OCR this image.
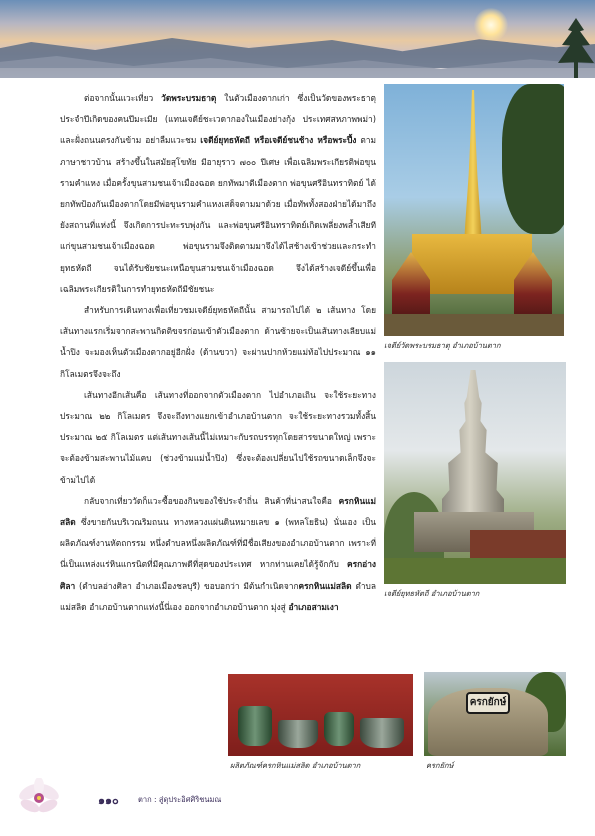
ต่อจากนั้นแวะเที่ยว วัดพระบรมธาตุ ในตัวเมืองตากเก่า ซึ่งเป็นวัดของพระธาตุประจำปีเกิดของคนปีมะเมีย (แทนเจดีย์ชะเวดากองในเมืองย่างกุ้ง ประเทศสหภาพพม่า) และฝั่งถนนตรงกันข้าม อย่าลืมแวะชม เจดีย์ยุทธหัตถี หรือเจดีย์ชนช้าง หรือพระปึ้ง ตามภาษาชาวบ้าน สร้างขึ้นในสมัยสุโขทัย มีอายุราว ๗๐๐ ปีเศษ เพื่อเฉลิมพระเกียรติพ่อขุนรามคำแหง เมื่อครั้งขุนสามชนเจ้าเมืองฉอด ยกทัพมาตีเมืองตาก พ่อขุนศรีอินทราทิตย์ ได้ยกทัพป้องกันเมืองตากโดยมีพ่อขุนรามคำแหงเสด็จตามมาด้วย เมื่อทัพทั้งสองฝ่ายได้มาถึงยังสถานที่แห่งนี้ จึงเกิดการปะทะรบพุ่งกัน และพ่อขุนศรีอินทราทิตย์เกิดเพลี่ยงพล้ำเสียทีแก่ขุนสามชนเจ้าเมืองฉอด พ่อขุนรามจึงติดตามมาจึงได้ไสช้างเข้าช่วยและกระทำยุทธหัตถี จนได้รับชัยชนะเหนือขุนสามชนเจ้าเมืองฉอด จึงได้สร้างเจดีย์ขึ้นเพื่อเฉลิมพระเกียรติในการทำยุทธหัตถีมีชัยชนะ

สำหรับการเดินทางเพื่อเที่ยวชมเจดีย์ยุทธหัตถีนั้น สามารถไปได้ ๒ เส้นทาง โดยเส้นทางแรกเริ่มจากสะพานกิตติขจรก่อนเข้าตัวเมืองตาก ด้านซ้ายจะเป็นเส้นทางเลียบแม่น้ำปิง จะมองเห็นตัวเมืองตากอยู่อีกฝั่ง (ด้านขวา) จะผ่านปากห้วยแม่ท้อไปประมาณ ๑๑ กิโลเมตรจึงจะถึง

เส้นทางอีกเส้นคือ เส้นทางที่ออกจากตัวเมืองตาก ไปอำเภอเถิน จะใช้ระยะทางประมาณ ๒๒ กิโลเมตร จึงจะถึงทางแยกเข้าอำเภอบ้านตาก จะใช้ระยะทางรวมทั้งสิ้นประมาณ ๒๕ กิโลเมตร แต่เส้นทางเส้นนี้ไม่เหมาะกับรถบรรทุกโดยสารขนาดใหญ่ เพราะจะต้องข้ามสะพานไม้แคบ (ช่วงข้ามแม่น้ำปิง) ซึ่งจะต้องเปลี่ยนไปใช้รถขนาดเล็กจึงจะข้ามไปได้

กลับจากเที่ยววัดก็แวะซื้อของกินของใช้ประจำถิ่น สินค้าที่น่าสนใจคือ ครกหินแม่สลิด ซึ่งขายกันบริเวณริมถนน ทางหลวงแผ่นดินหมายเลข ๑ (พหลโยธิน) นั่นเอง เป็นผลิตภัณฑ์งานหัตถกรรม หนึ่งตำบลหนึ่งผลิตภัณฑ์ที่มีชื่อเสียงของอำเภอบ้านตาก เพราะที่นี่เป็นแหล่งแร่หินแกรนิตที่มีคุณภาพดีที่สุดของประเทศ หากท่านเคยได้รู้จักกับ ครกอ่างศิลา (ตำบลอ่างศิลา อำเภอเมืองชลบุรี) ขอบอกว่า มีต้นกำเนิดจากครกหินแม่สลิด ตำบลแม่สลิด อำเภอบ้านตากแห่งนี้นี่เอง ออกจากอำเภอบ้านตาก มุ่งสู่ อำเภอสามเงา

เจดีย์วัดพระบรมธาตุ อำเภอบ้านตาก
เจดีย์ยุทธหัตถี อำเภอบ้านตาก
ผลิตภัณฑ์ครกหินแม่สลิด อำเภอบ้านตาก
ครกยักษ์
ครกยักษ์
๑๑๐	ตาก : สู่ดุประอิศศิริชนมณ
